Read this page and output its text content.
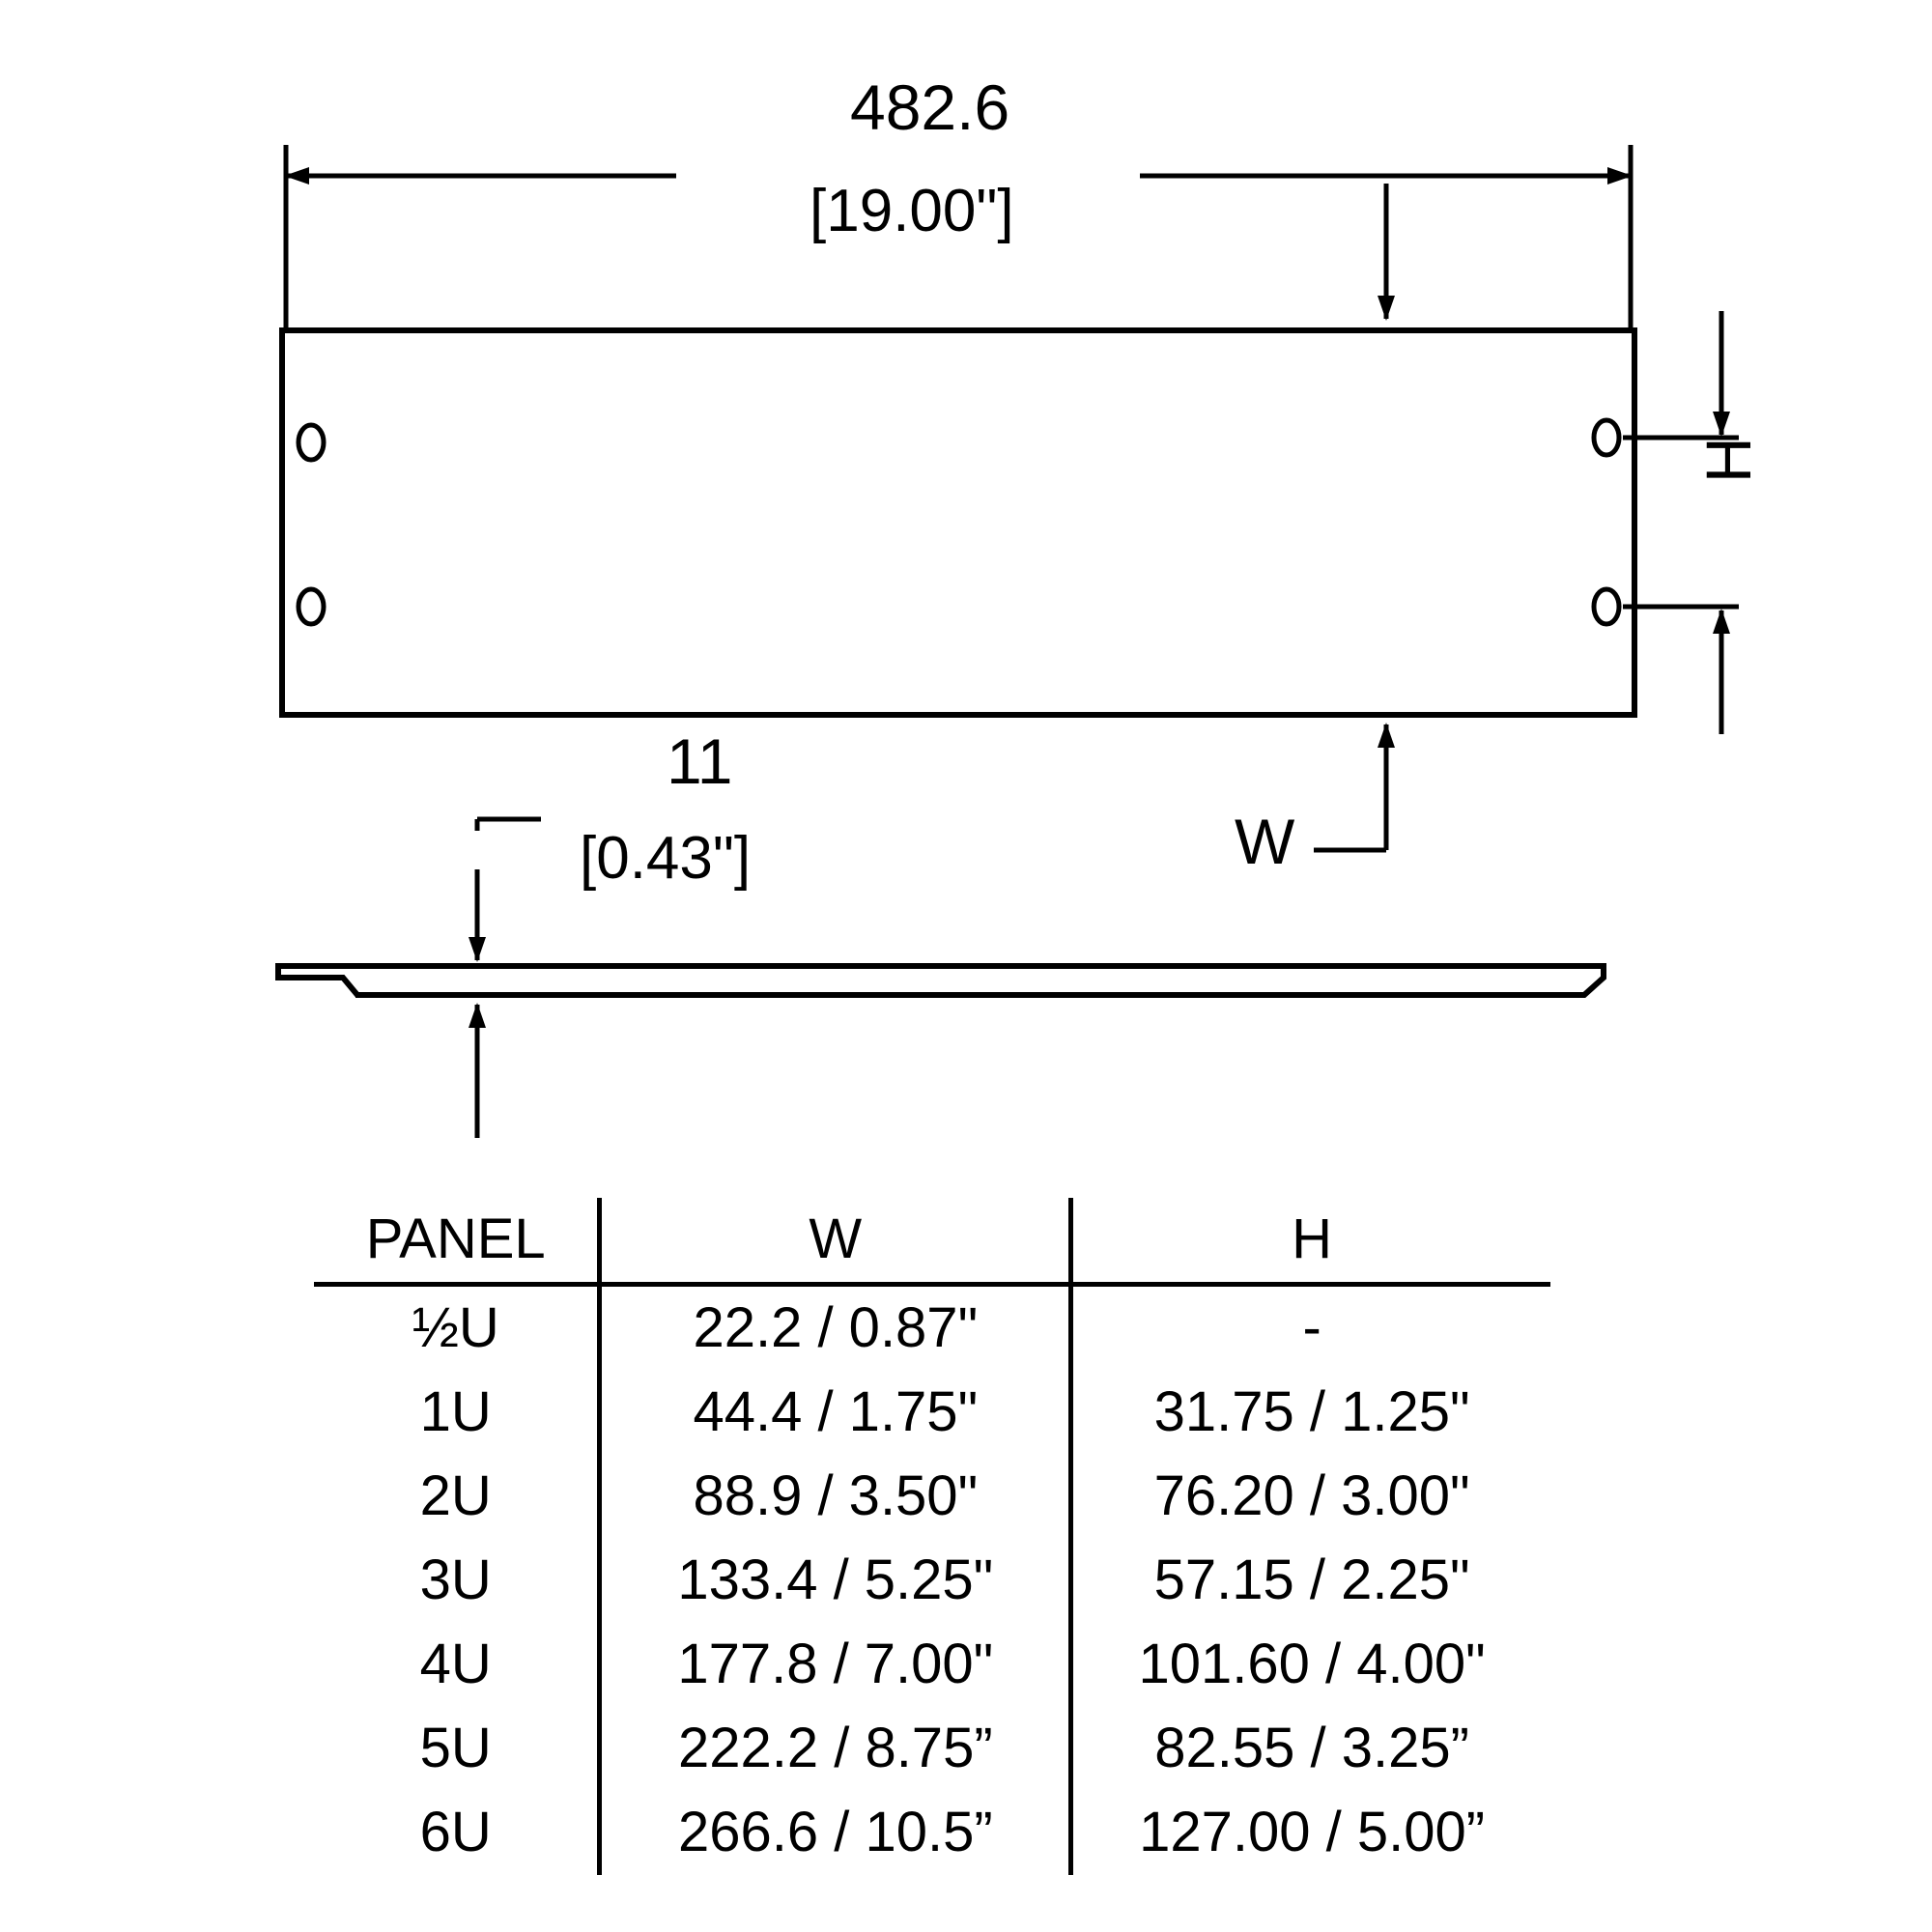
482.6
[19.00"]
11
[0.43"]	W
H
PANEL	W	H
½U	22.2 / 0.87"	-
1U	44.4 / 1.75"	31.75 / 1.25"
2U	88.9 / 3.50"	76.20 / 3.00"
3U	133.4 / 5.25"	57.15 / 2.25"
4U	177.8 / 7.00"	101.60 / 4.00"
5U	222.2 / 8.75”	82.55 / 3.25”
6U	266.6 / 10.5”	127.00 / 5.00”
